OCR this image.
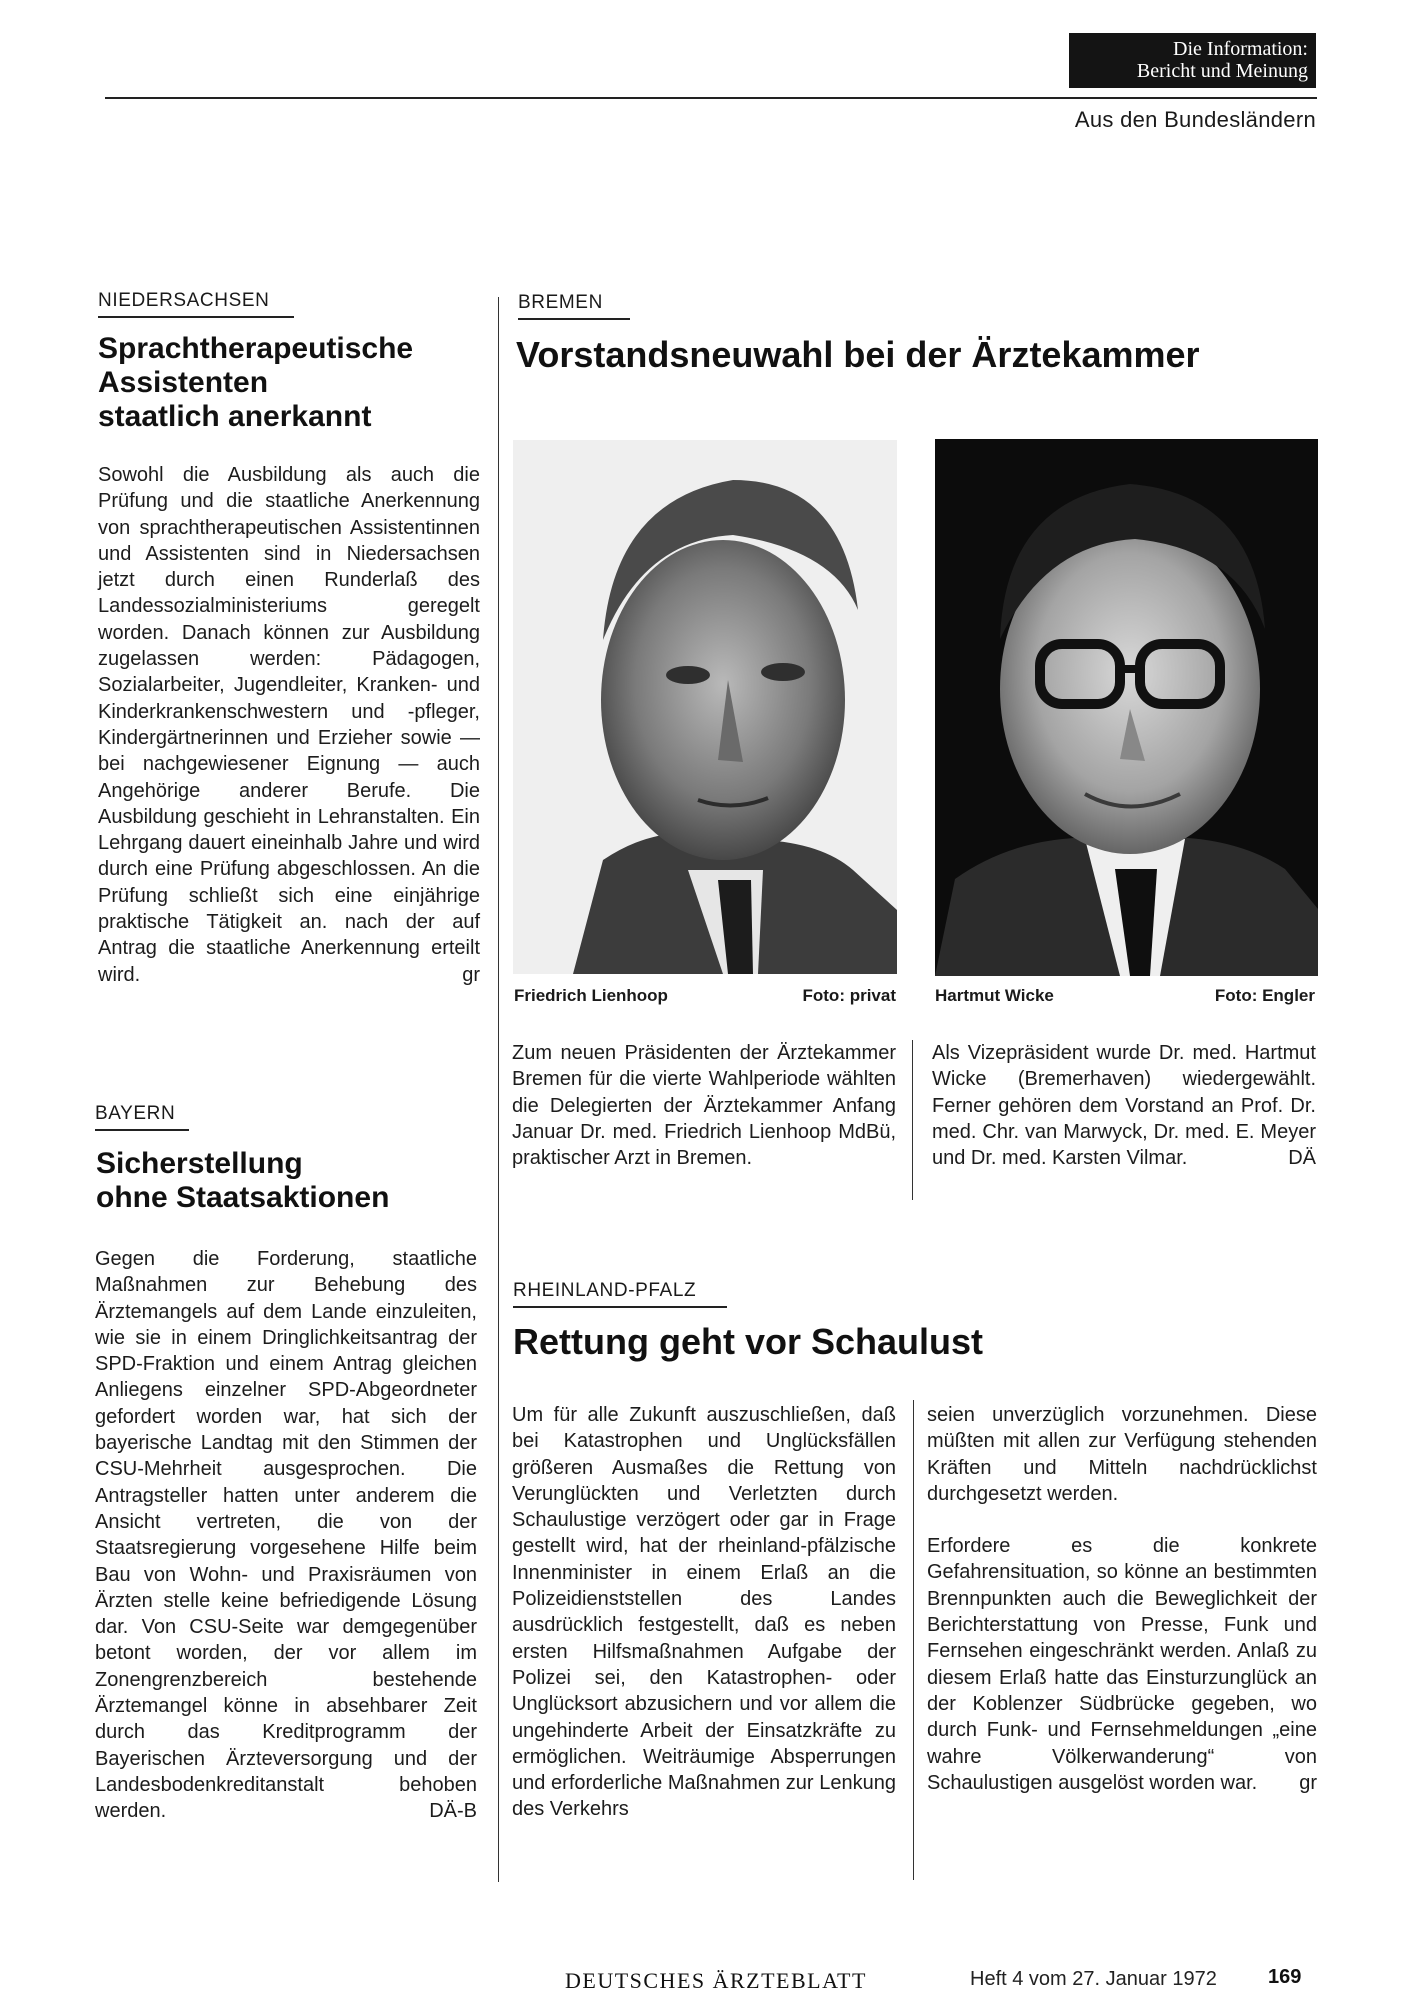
Die Information:
Bericht und Meinung
Aus den Bundesländern
NIEDERSACHSEN
Sprachtherapeutische
Assistenten
staatlich anerkannt
Sowohl die Ausbildung als auch die Prüfung und die staatliche Anerkennung von sprachtherapeutischen Assistentinnen und Assistenten sind in Niedersachsen jetzt durch einen Runderlaß des Landessozialministeriums geregelt worden. Danach können zur Ausbildung zugelassen werden: Pädagogen, Sozialarbeiter, Jugendleiter, Kranken- und Kinderkrankenschwestern und -pfleger, Kindergärtnerinnen und Erzieher sowie — bei nachgewiesener Eignung — auch Angehörige anderer Berufe. Die Ausbildung geschieht in Lehranstalten. Ein Lehrgang dauert eineinhalb Jahre und wird durch eine Prüfung abgeschlossen. An die Prüfung schließt sich eine einjährige praktische Tätigkeit an. nach der auf Antrag die staatliche Anerkennung erteilt wird.	gr
BAYERN
Sicherstellung
ohne Staatsaktionen
Gegen die Forderung, staatliche Maßnahmen zur Behebung des Ärztemangels auf dem Lande einzuleiten, wie sie in einem Dringlichkeitsantrag der SPD-Fraktion und einem Antrag gleichen Anliegens einzelner SPD-Abgeordneter gefordert worden war, hat sich der bayerische Landtag mit den Stimmen der CSU-Mehrheit ausgesprochen. Die Antragsteller hatten unter anderem die Ansicht vertreten, die von der Staatsregierung vorgesehene Hilfe beim Bau von Wohn- und Praxisräumen von Ärzten stelle keine befriedigende Lösung dar. Von CSU-Seite war demgegenüber betont worden, der vor allem im Zonengrenzbereich bestehende Ärztemangel könne in absehbarer Zeit durch das Kreditprogramm der Bayerischen Ärzteversorgung und der Landesbodenkreditanstalt behoben werden.	DÄ-B
BREMEN
Vorstandsneuwahl bei der Ärztekammer
Friedrich Lienhoop	Foto: privat Hartmut Wicke	Foto: Engler
Zum neuen Präsidenten der Ärztekammer Bremen für die vierte Wahlperiode wählten die Delegierten der Ärztekammer Anfang Januar Dr. med. Friedrich Lienhoop MdBü, praktischer Arzt in Bremen.
Als Vizepräsident wurde Dr. med. Hartmut Wicke (Bremerhaven) wiedergewählt. Ferner gehören dem Vorstand an Prof. Dr. med. Chr. van Marwyck, Dr. med. E. Meyer und Dr. med. Karsten Vilmar.	DÄ
RHEINLAND-PFALZ
Rettung geht vor Schaulust
Um für alle Zukunft auszuschließen, daß bei Katastrophen und Unglücksfällen größeren Ausmaßes die Rettung von Verunglückten und Verletzten durch Schaulustige verzögert oder gar in Frage gestellt wird, hat der rheinland-pfälzische Innenminister in einem Erlaß an die Polizeidienststellen des Landes ausdrücklich festgestellt, daß es neben ersten Hilfsmaßnahmen Aufgabe der Polizei sei, den Katastrophen- oder Unglücksort abzusichern und vor allem die ungehinderte Arbeit der Einsatzkräfte zu ermöglichen. Weiträumige Absperrungen und erforderliche Maßnahmen zur Lenkung des Verkehrs
seien unverzüglich vorzunehmen. Diese müßten mit allen zur Verfügung stehenden Kräften und Mitteln nachdrücklichst durchgesetzt werden.
Erfordere es die konkrete Gefahrensituation, so könne an bestimmten Brennpunkten auch die Beweglichkeit der Berichterstattung von Presse, Funk und Fernsehen eingeschränkt werden. Anlaß zu diesem Erlaß hatte das Einsturzunglück an der Koblenzer Südbrücke gegeben, wo durch Funk- und Fernsehmeldungen „eine wahre Völkerwanderung“ von Schaulustigen ausgelöst worden war. gr
DEUTSCHES ÄRZTEBLATT	Heft 4 vom 27. Januar 1972	169
